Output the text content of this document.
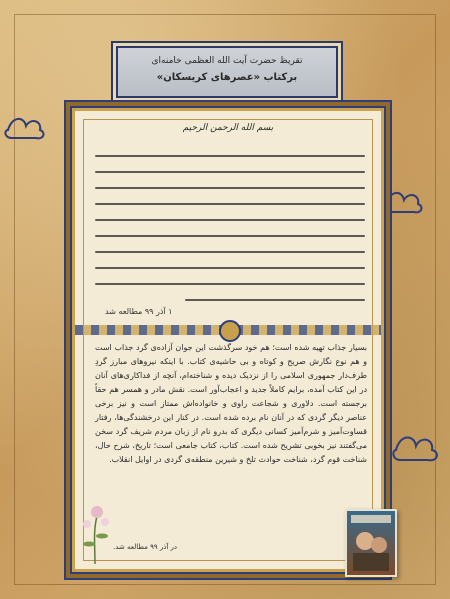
تقریظ حضرت آیت الله العظمی خامنه‌ای
برکتاب «عصرهای کریسکان»
بسم الله الرحمن الرحیم
۱ آذر ۹۹ مطالعه شد
بسیار جذاب تهیه شده است؛ هم خود سرگذشت این جوان آزاده‌ی گرد جذاب است و هم نوع نگارش صریح و کوتاه و بی حاشیه‌ی کتاب. با اینکه نیروهای مبارز گردِ طرف‌دار جمهوری اسلامی را از نزدیک دیده و شناخته‌ام، آنچه از فداکاری‌های آنان در این کتاب آمده، برایم کاملاً جدید و اعجاب‌آور است. نقش مادر و همسر هم حقاً برجسته است. دلاوری و شجاعت راوی و خانواده‌اش ممتاز است و نیز برخی عناصر دیگر گردی که در آنان نام برده شده است. در کنار این درخشندگی‌ها، رفتار قساوت‌آمیز و شرم‌آمیز کسانی دیگری که بدرو نام از زبان مردم شریف گرد سخن می‌گفتند نیز بخوبی تشریح شده است. کتاب، کتاب جامعی است؛ تاریخ، شرح حال، شناخت قوم گرد، شناخت حوادث تلخ و شیرین منطقه‌ی گردی در اوایل انقلاب.
در آذر ۹۹ مطالعه شد.
